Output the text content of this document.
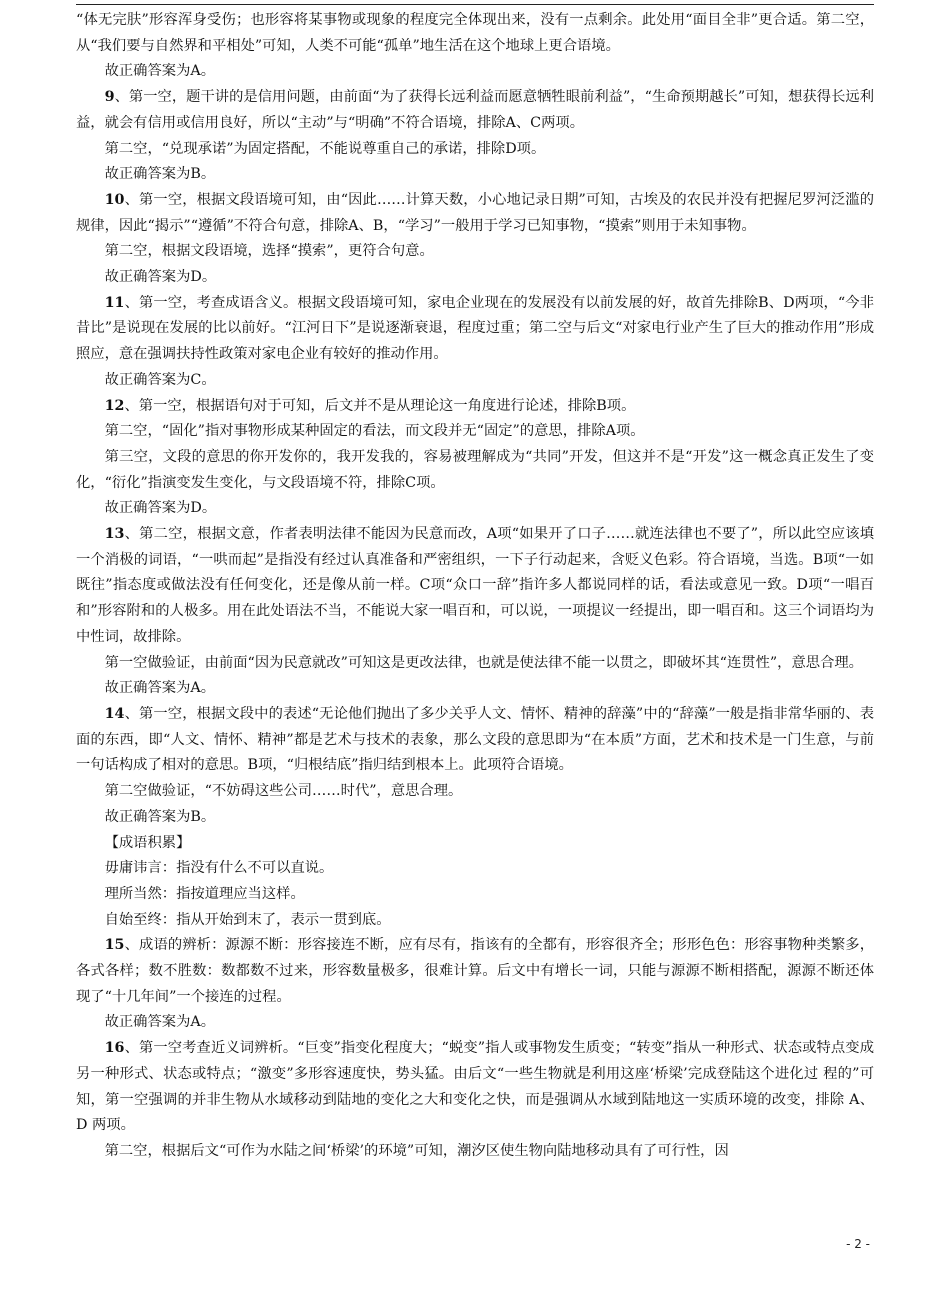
“体无完肤”形容浑身受伤；也形容将某事物或现象的程度完全体现出来，没有一点剩余。此处用“面目全非”更合适。第二空，从“我们要与自然界和平相处”可知，人类不可能“孤单”地生活在这个地球上更合语境。

故正确答案为A。

9、第一空，题干讲的是信用问题，由前面“为了获得长远利益而愿意牺牲眼前利益”，“生命预期越长”可知，想获得长远利益，就会有信用或信用良好，所以“主动”与“明确”不符合语境，排除A、C两项。

第二空，“兑现承诺”为固定搭配，不能说尊重自己的承诺，排除D项。

故正确答案为B。

10、第一空，根据文段语境可知，由“因此……计算天数，小心地记录日期”可知，古埃及的农民并没有把握尼罗河泛滥的规律，因此“揭示”“遵循”不符合句意，排除A、B，“学习”一般用于学习已知事物，“摸索”则用于未知事物。

第二空，根据文段语境，选择“摸索”，更符合句意。

故正确答案为D。

11、第一空，考查成语含义。根据文段语境可知，家电企业现在的发展没有以前发展的好，故首先排除B、D两项，“今非昔比”是说现在发展的比以前好。“江河日下”是说逐渐衰退，程度过重；第二空与后文“对家电行业产生了巨大的推动作用”形成照应，意在强调扶持性政策对家电企业有较好的推动作用。

故正确答案为C。

12、第一空，根据语句对于可知，后文并不是从理论这一角度进行论述，排除B项。

第二空，“固化”指对事物形成某种固定的看法，而文段并无“固定”的意思，排除A项。

第三空，文段的意思的你开发你的，我开发我的，容易被理解成为“共同”开发，但这并不是“开发”这一概念真正发生了变化，“衍化”指演变发生变化，与文段语境不符，排除C项。

故正确答案为D。

13、第二空，根据文意，作者表明法律不能因为民意而改，A项“如果开了口子……就连法律也不要了”，所以此空应该填一个消极的词语，“一哄而起”是指没有经过认真准备和严密组织，一下子行动起来，含贬义色彩。符合语境，当选。B项“一如既往”指态度或做法没有任何变化，还是像从前一样。C项“众口一辞”指许多人都说同样的话，看法或意见一致。D项“一唱百和”形容附和的人极多。用在此处语法不当，不能说大家一唱百和，可以说，一项提议一经提出，即一唱百和。这三个词语均为中性词，故排除。

第一空做验证，由前面“因为民意就改”可知这是更改法律，也就是使法律不能一以贯之，即破坏其“连贯性”，意思合理。

故正确答案为A。

14、第一空，根据文段中的表述“无论他们抛出了多少关乎人文、情怀、精神的辞藻”中的“辞藻”一般是指非常华丽的、表面的东西，即“人文、情怀、精神”都是艺术与技术的表象，那么文段的意思即为“在本质”方面，艺术和技术是一门生意，与前一句话构成了相对的意思。B项，“归根结底”指归结到根本上。此项符合语境。

第二空做验证，“不妨碍这些公司……时代”，意思合理。

故正确答案为B。

【成语积累】

毋庸讳言：指没有什么不可以直说。

理所当然：指按道理应当这样。

自始至终：指从开始到末了，表示一贯到底。

15、成语的辨析：源源不断：形容接连不断，应有尽有，指该有的全都有，形容很齐全；形形色色：形容事物种类繁多，各式各样；数不胜数：数都数不过来，形容数量极多，很难计算。后文中有增长一词，只能与源源不断相搭配，源源不断还体现了“十几年间”一个接连的过程。

故正确答案为A。

16、第一空考查近义词辨析。“巨变”指变化程度大；“蜕变”指人或事物发生质变；“转变”指从一种形式、状态或特点变成另一种形式、状态或特点；“激变”多形容速度快，势头猛。由后文“一些生物就是利用这座‘桥梁’完成登陆这个进化过 程的”可知，第一空强调的并非生物从水域移动到陆地的变化之大和变化之快，而是强调从水域到陆地这一实质环境的改变，排除 A、D 两项。

第二空，根据后文“可作为水陆之间‘桥梁’的环境”可知，潮汐区使生物向陆地移动具有了可行性，因

- 2 -
